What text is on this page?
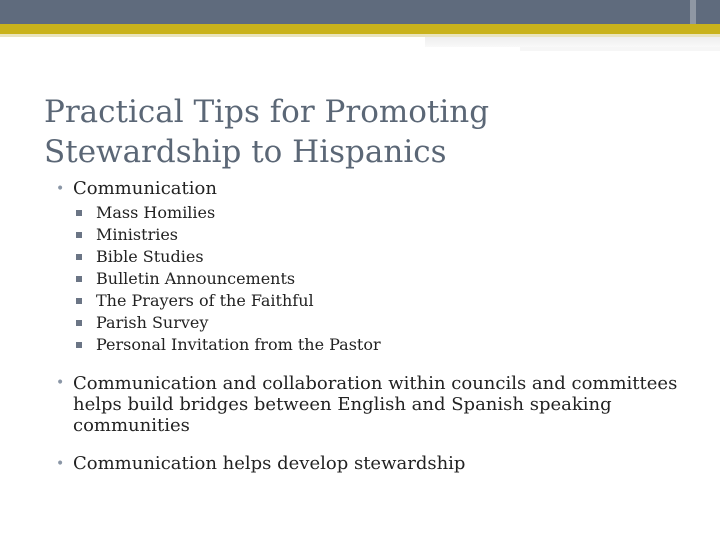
Practical Tips for Promoting
Stewardship to Hispanics
• Communication
Mass Homilies
Ministries
Bible Studies
Bulletin Announcements
The Prayers of the Faithful
Parish Survey
Personal Invitation from the Pastor
• Communication and collaboration within councils and committees helps build bridges between English and Spanish speaking communities
• Communication helps develop stewardship
